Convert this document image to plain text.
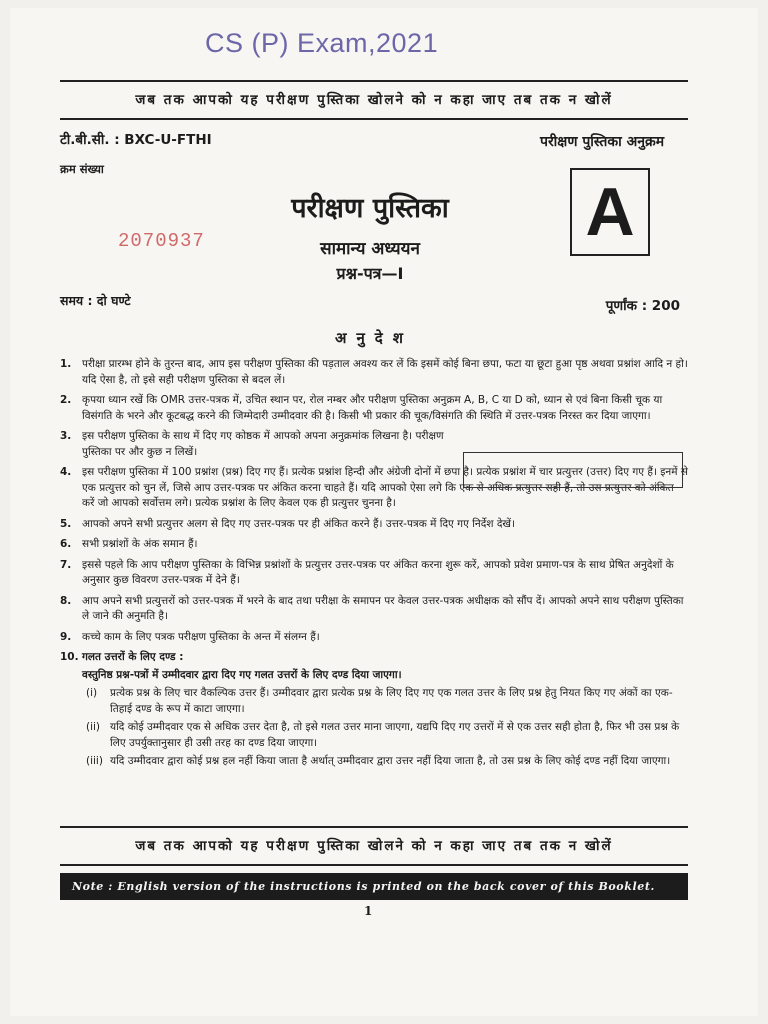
CS (P) Exam,2021
जब तक आपको यह परीक्षण पुस्तिका खोलने को न कहा जाए तब तक न खोलें
टी.बी.सी. : BXC-U-FTHI	परीक्षण पुस्तिका अनुक्रम
क्रम संख्या
2070937
परीक्षण पुस्तिका
सामान्य अध्ययन
प्रश्न-पत्र—I
A
समय : दो घण्टे	पूर्णांक : 200
अनुदेश
1. परीक्षा प्रारम्भ होने के तुरन्त बाद, आप इस परीक्षण पुस्तिका की पड़ताल अवश्य कर लें कि इसमें कोई बिना छपा, फटा या छूटा हुआ पृष्ठ अथवा प्रश्नांश आदि न हो। यदि ऐसा है, तो इसे सही परीक्षण पुस्तिका से बदल लें।
2. कृपया ध्यान रखें कि OMR उत्तर-पत्रक में, उचित स्थान पर, रोल नम्बर और परीक्षण पुस्तिका अनुक्रम A, B, C या D को, ध्यान से एवं बिना किसी चूक या विसंगति के भरने और कूटबद्ध करने की जिम्मेदारी उम्मीदवार की है। किसी भी प्रकार की चूक/विसंगति की स्थिति में उत्तर-पत्रक निरस्त कर दिया जाएगा।
3. इस परीक्षण पुस्तिका के साथ में दिए गए कोष्ठक में आपको अपना अनुक्रमांक लिखना है। परीक्षण पुस्तिका पर और कुछ न लिखें।
4. इस परीक्षण पुस्तिका में 100 प्रश्नांश (प्रश्न) दिए गए हैं। प्रत्येक प्रश्नांश हिन्दी और अंग्रेजी दोनों में छपा है। प्रत्येक प्रश्नांश में चार प्रत्युत्तर (उत्तर) दिए गए हैं। इनमें से एक प्रत्युत्तर को चुन लें, जिसे आप उत्तर-पत्रक पर अंकित करना चाहते हैं। यदि आपको ऐसा लगे कि एक से अधिक प्रत्युत्तर सही हैं, तो उस प्रत्युत्तर को अंकित करें जो आपको सर्वोत्तम लगे। प्रत्येक प्रश्नांश के लिए केवल एक ही प्रत्युत्तर चुनना है।
5. आपको अपने सभी प्रत्युत्तर अलग से दिए गए उत्तर-पत्रक पर ही अंकित करने हैं। उत्तर-पत्रक में दिए गए निर्देश देखें।
6. सभी प्रश्नांशों के अंक समान हैं।
7. इससे पहले कि आप परीक्षण पुस्तिका के विभिन्न प्रश्नांशों के प्रत्युत्तर उत्तर-पत्रक पर अंकित करना शुरू करें, आपको प्रवेश प्रमाण-पत्र के साथ प्रेषित अनुदेशों के अनुसार कुछ विवरण उत्तर-पत्रक में देने हैं।
8. आप अपने सभी प्रत्युत्तरों को उत्तर-पत्रक में भरने के बाद तथा परीक्षा के समापन पर केवल उत्तर-पत्रक अधीक्षक को सौंप दें। आपको अपने साथ परीक्षण पुस्तिका ले जाने की अनुमति है।
9. कच्चे काम के लिए पत्रक परीक्षण पुस्तिका के अन्त में संलग्न हैं।
10. गलत उत्तरों के लिए दण्ड :
वस्तुनिष्ठ प्रश्न-पत्रों में उम्मीदवार द्वारा दिए गए गलत उत्तरों के लिए दण्ड दिया जाएगा।
(i) प्रत्येक प्रश्न के लिए चार वैकल्पिक उत्तर हैं। उम्मीदवार द्वारा प्रत्येक प्रश्न के लिए दिए गए एक गलत उत्तर के लिए प्रश्न हेतु नियत किए गए अंकों का एक-तिहाई दण्ड के रूप में काटा जाएगा।
(ii) यदि कोई उम्मीदवार एक से अधिक उत्तर देता है, तो इसे गलत उत्तर माना जाएगा, यद्यपि दिए गए उत्तरों में से एक उत्तर सही होता है, फिर भी उस प्रश्न के लिए उपर्युक्तानुसार ही उसी तरह का दण्ड दिया जाएगा।
(iii) यदि उम्मीदवार द्वारा कोई प्रश्न हल नहीं किया जाता है अर्थात् उम्मीदवार द्वारा उत्तर नहीं दिया जाता है, तो उस प्रश्न के लिए कोई दण्ड नहीं दिया जाएगा।
जब तक आपको यह परीक्षण पुस्तिका खोलने को न कहा जाए तब तक न खोलें
Note : English version of the instructions is printed on the back cover of this Booklet.
1
